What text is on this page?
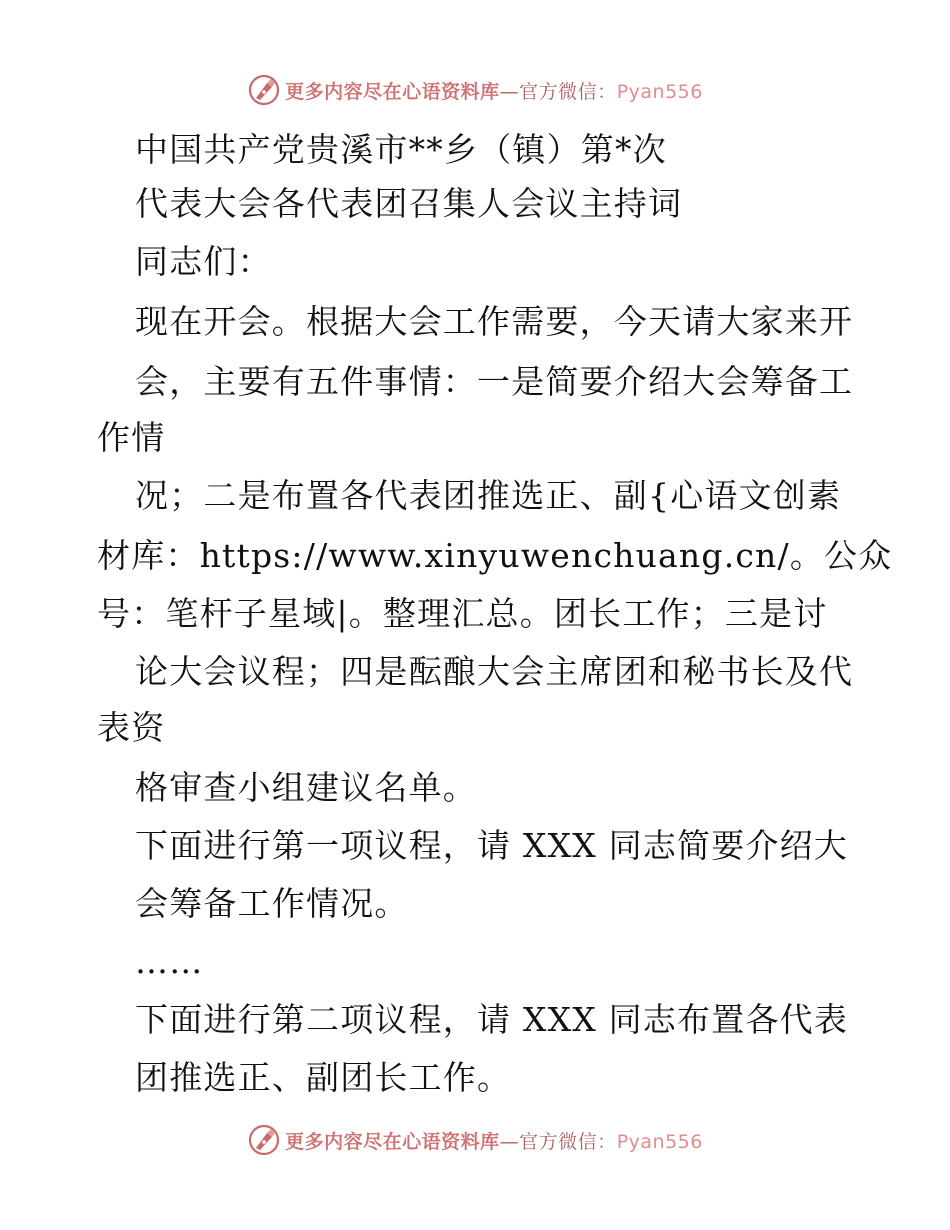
更多内容尽在心语资料库—官方微信：Pyan556
中国共产党贵溪市**乡（镇）第*次
代表大会各代表团召集人会议主持词
同志们：
现在开会。根据大会工作需要，今天请大家来开
会，主要有五件事情：一是简要介绍大会筹备工
作情
况；二是布置各代表团推选正、副{心语文创素
材库：https://www.xinyuwenchuang.cn/。公众
号：笔杆子星域|。整理汇总。团长工作；三是讨
论大会议程；四是酝酿大会主席团和秘书长及代
表资
格审查小组建议名单。
下面进行第一项议程，请 XXX 同志简要介绍大
会筹备工作情况。
……
下面进行第二项议程，请 XXX 同志布置各代表
团推选正、副团长工作。
更多内容尽在心语资料库—官方微信：Pyan556
